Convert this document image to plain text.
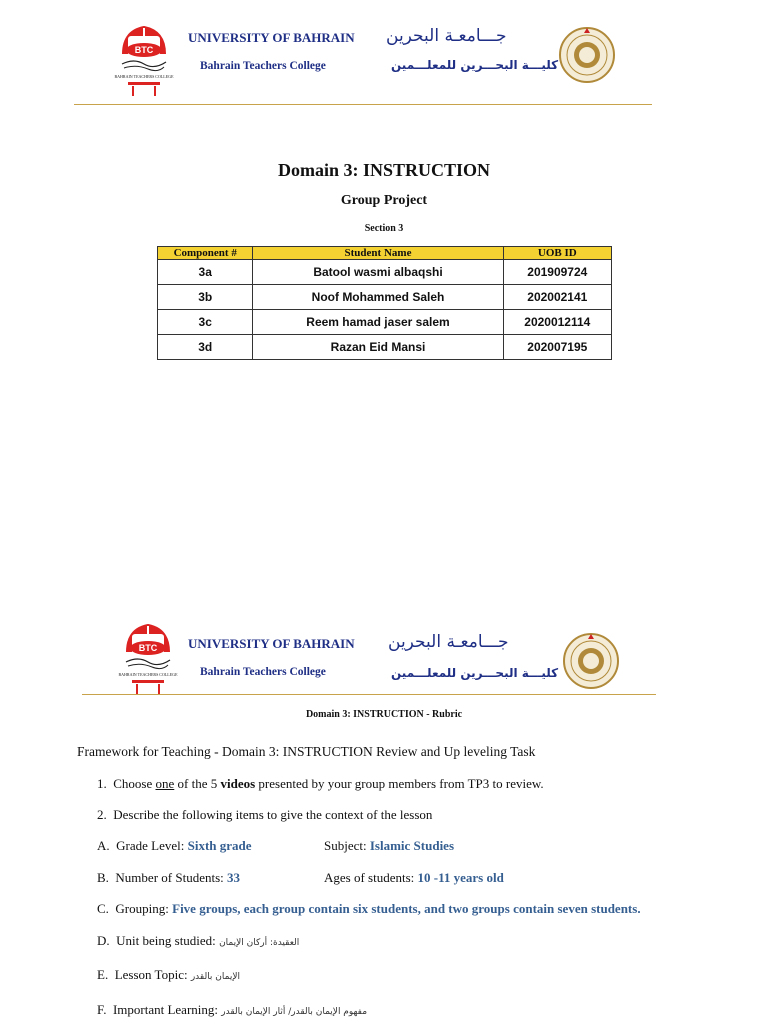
BTC
BAHRAIN TEACHERS COLLEGE
UNIVERSITY OF BAHRAIN
Bahrain Teachers College
جـــامعـة البحرين
كليـــة البحـــرين للمعلـــمين
Domain 3: INSTRUCTION
Group Project
Section 3
Component #	Student Name	UOB ID
3a	Batool wasmi albaqshi	201909724
3b	Noof Mohammed Saleh	202002141
3c	Reem hamad jaser salem	2020012114
3d	Razan Eid Mansi	202007195
BTC
BAHRAIN TEACHERS COLLEGE
UNIVERSITY OF BAHRAIN
Bahrain Teachers College
جـــامعـة البحرين
كليـــة البحـــرين للمعلـــمين
Domain 3: INSTRUCTION - Rubric
Framework for Teaching - Domain 3: INSTRUCTION Review and Up leveling Task
1. Choose one of the 5 videos presented by your group members from TP3 to review.
2. Describe the following items to give the context of the lesson
A. Grade Level: Sixth grade	Subject: Islamic Studies
B. Number of Students: 33	Ages of students: 10 -11 years old
C. Grouping: Five groups, each group contain six students, and two groups contain seven students.
D. Unit being studied: العقيدة: أركان الإيمان
E. Lesson Topic: الإيمان بالقدر
F. Important Learning: مفهوم الإيمان بالقدر/ أثار الإيمان بالقدر
